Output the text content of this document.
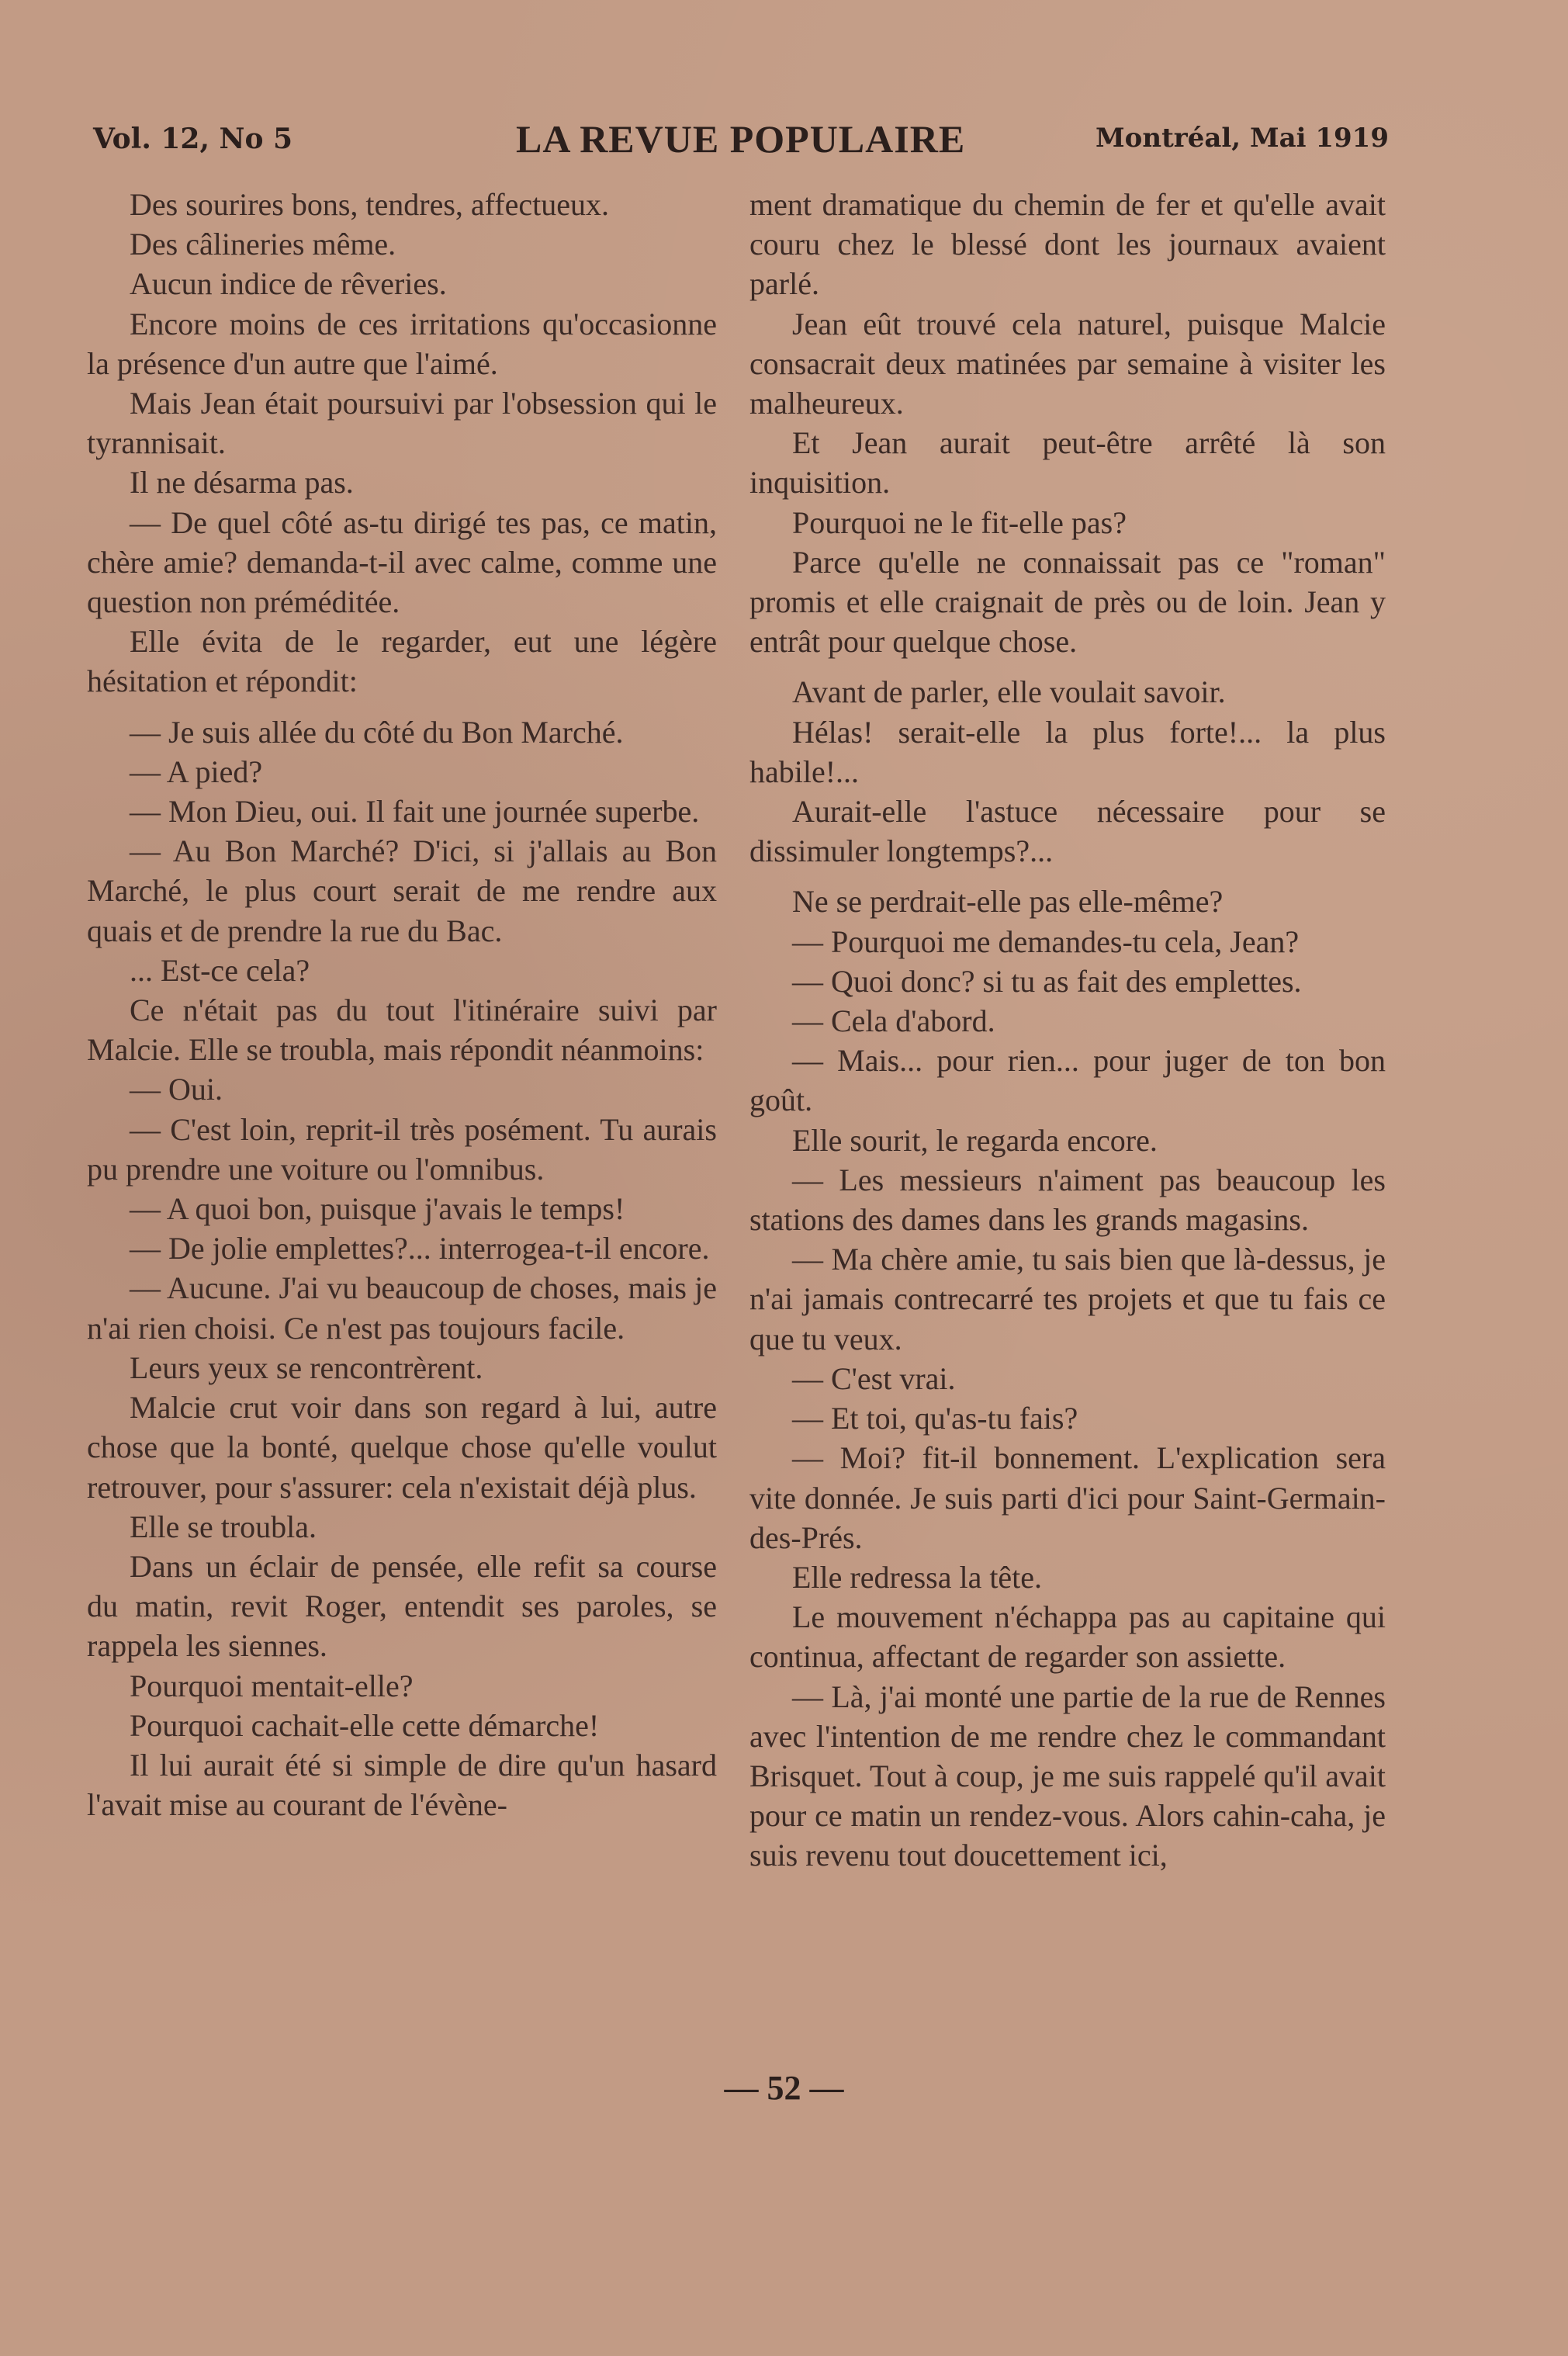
Vol. 12, No 5	LA REVUE POPULAIRE	Montréal, Mai 1919

Des sourires bons, tendres, affectueux.

Des câlineries même.

Aucun indice de rêveries.

Encore moins de ces irritations qu'occasionne la présence d'un autre que l'aimé.

Mais Jean était poursuivi par l'obsession qui le tyrannisait.

Il ne désarma pas.

— De quel côté as-tu dirigé tes pas, ce matin, chère amie? demanda-t-il avec calme, comme une question non préméditée.

Elle évita de le regarder, eut une légère hésitation et répondit:

— Je suis allée du côté du Bon Marché.

— A pied?

— Mon Dieu, oui. Il fait une journée superbe.

— Au Bon Marché? D'ici, si j'allais au Bon Marché, le plus court serait de me rendre aux quais et de prendre la rue du Bac.

... Est-ce cela?

Ce n'était pas du tout l'itinéraire suivi par Malcie. Elle se troubla, mais répondit néanmoins:

— Oui.

— C'est loin, reprit-il très posément. Tu aurais pu prendre une voiture ou l'omnibus.

— A quoi bon, puisque j'avais le temps!

— De jolie emplettes?... interrogea-t-il encore.

— Aucune. J'ai vu beaucoup de choses, mais je n'ai rien choisi. Ce n'est pas toujours facile.

Leurs yeux se rencontrèrent.

Malcie crut voir dans son regard à lui, autre chose que la bonté, quelque chose qu'elle voulut retrouver, pour s'assurer: cela n'existait déjà plus.

Elle se troubla.

Dans un éclair de pensée, elle refit sa course du matin, revit Roger, entendit ses paroles, se rappela les siennes.

Pourquoi mentait-elle?

Pourquoi cachait-elle cette démarche!

Il lui aurait été si simple de dire qu'un hasard l'avait mise au courant de l'évène-

ment dramatique du chemin de fer et qu'elle avait couru chez le blessé dont les journaux avaient parlé.

Jean eût trouvé cela naturel, puisque Malcie consacrait deux matinées par semaine à visiter les malheureux.

Et Jean aurait peut-être arrêté là son inquisition.

Pourquoi ne le fit-elle pas?

Parce qu'elle ne connaissait pas ce "roman" promis et elle craignait de près ou de loin. Jean y entrât pour quelque chose.

Avant de parler, elle voulait savoir.

Hélas! serait-elle la plus forte!... la plus habile!...

Aurait-elle l'astuce nécessaire pour se dissimuler longtemps?...

Ne se perdrait-elle pas elle-même?

— Pourquoi me demandes-tu cela, Jean?

— Quoi donc? si tu as fait des emplettes.

— Cela d'abord.

— Mais... pour rien... pour juger de ton bon goût.

Elle sourit, le regarda encore.

— Les messieurs n'aiment pas beaucoup les stations des dames dans les grands magasins.

— Ma chère amie, tu sais bien que là-dessus, je n'ai jamais contrecarré tes projets et que tu fais ce que tu veux.

— C'est vrai.

— Et toi, qu'as-tu fais?

— Moi? fit-il bonnement. L'explication sera vite donnée. Je suis parti d'ici pour Saint-Germain-des-Prés.

Elle redressa la tête.

Le mouvement n'échappa pas au capitaine qui continua, affectant de regarder son assiette.

— Là, j'ai monté une partie de la rue de Rennes avec l'intention de me rendre chez le commandant Brisquet. Tout à coup, je me suis rappelé qu'il avait pour ce matin un rendez-vous. Alors cahin-caha, je suis revenu tout doucettement ici,

— 52 —
